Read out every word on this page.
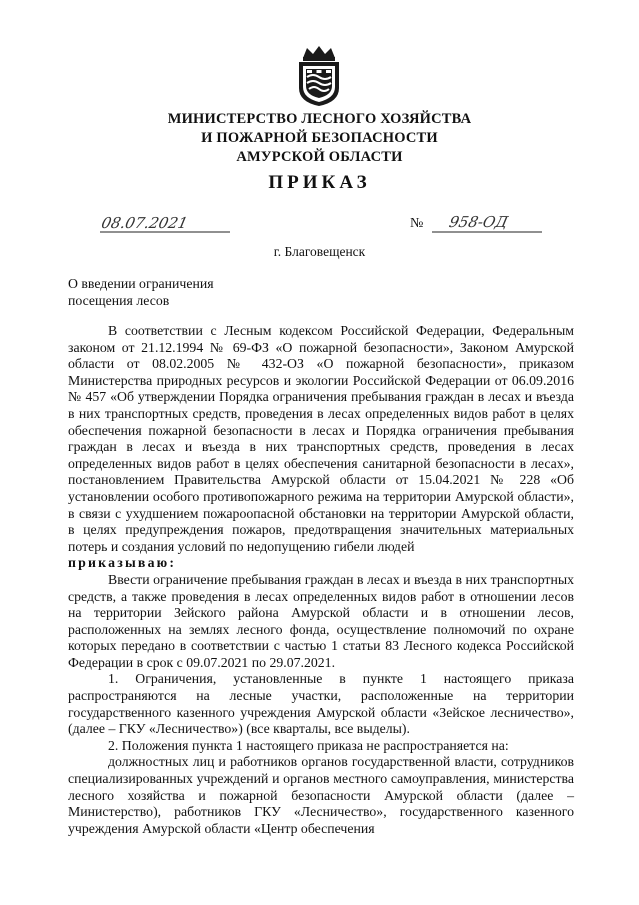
МИНИСТЕРСТВО ЛЕСНОГО ХОЗЯЙСТВА
И ПОЖАРНОЙ БЕЗОПАСНОСТИ
АМУРСКОЙ ОБЛАСТИ
ПРИКАЗ
08.07.2021	№ 958-ОД
г. Благовещенск
О введении ограничения
посещения лесов

В соответствии с Лесным кодексом Российской Федерации, Федеральным законом от 21.12.1994 № 69-ФЗ «О пожарной безопасности», Законом Амурской области от 08.02.2005 № 432-ОЗ «О пожарной безопасности», приказом Министерства природных ресурсов и экологии Российской Федерации от 06.09.2016 № 457 «Об утверждении Порядка ограничения пребывания граждан в лесах и въезда в них транспортных средств, проведения в лесах определенных видов работ в целях обеспечения пожарной безопасности в лесах и Порядка ограничения пребывания граждан в лесах и въезда в них транспортных средств, проведения в лесах определенных видов работ в целях обеспечения санитарной безопасности в лесах», постановлением Правительства Амурской области от 15.04.2021 № 228 «Об установлении особого противопожарного режима на территории Амурской области», в связи с ухудшением пожароопасной обстановки на территории Амурской области, в целях предупреждения пожаров, предотвращения значительных материальных потерь и создания условий по недопущению гибели людей

приказываю:

Ввести ограничение пребывания граждан в лесах и въезда в них транспортных средств, а также проведения в лесах определенных видов работ в отношении лесов на территории Зейского района Амурской области и в отношении лесов, расположенных на землях лесного фонда, осуществление полномочий по охране которых передано в соответствии с частью 1 статьи 83 Лесного кодекса Российской Федерации в срок с 09.07.2021 по 29.07.2021.

1. Ограничения, установленные в пункте 1 настоящего приказа распространяются на лесные участки, расположенные на территории государственного казенного учреждения Амурской области «Зейское лесничество», (далее – ГКУ «Лесничество») (все кварталы, все выделы).

2. Положения пункта 1 настоящего приказа не распространяется на:

должностных лиц и работников органов государственной власти, сотрудников специализированных учреждений и органов местного самоуправления, министерства лесного хозяйства и пожарной безопасности Амурской области (далее – Министерство), работников ГКУ «Лесничество», государственного казенного учреждения Амурской области «Центр обеспечения
